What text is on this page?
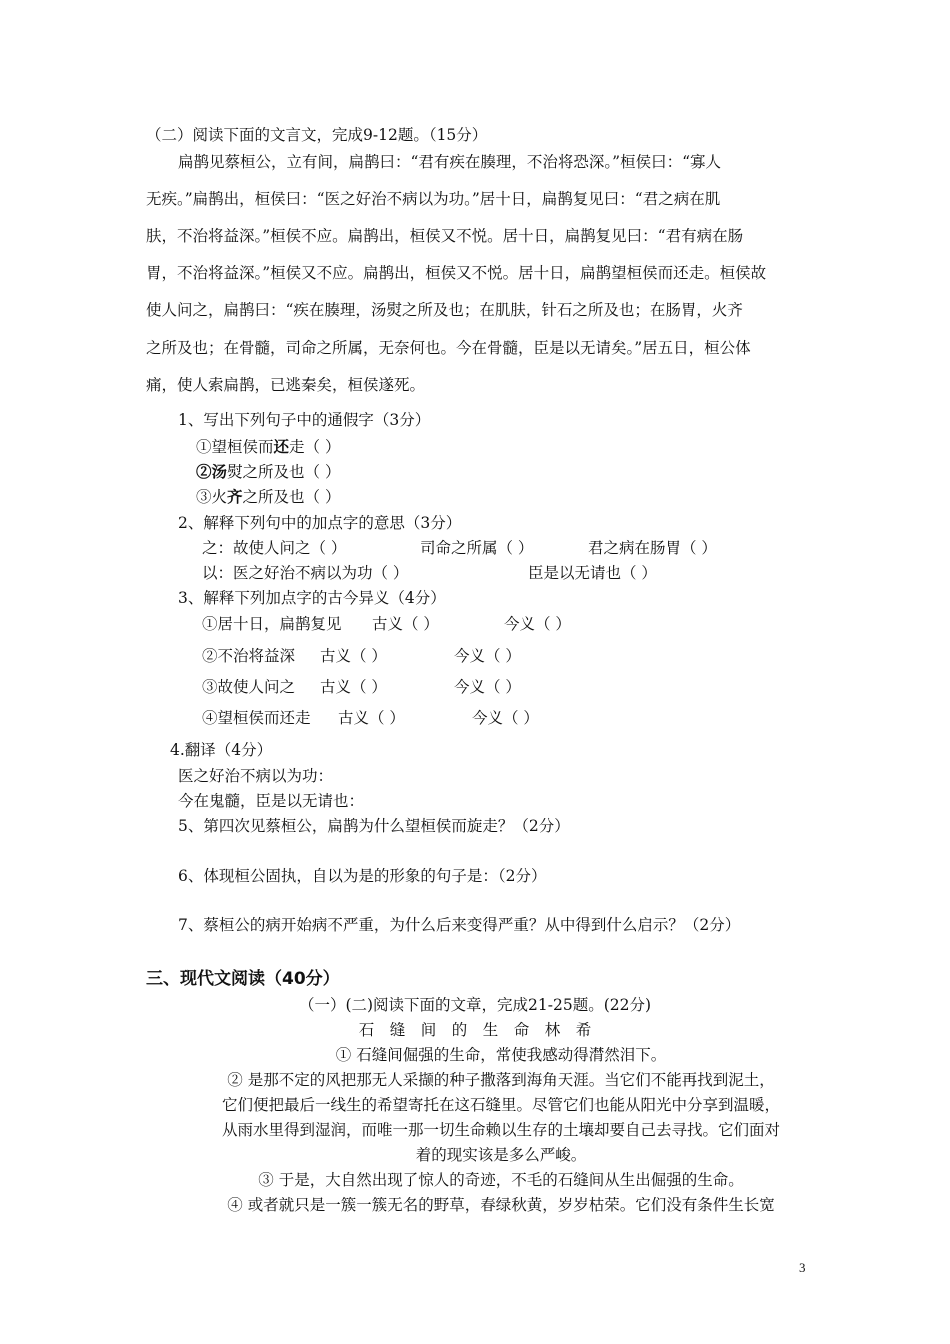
（二）阅读下面的文言文，完成9-12题。（15分）
扁鹊见蔡桓公，立有间，扁鹊曰：“君有疾在腠理，不治将恐深。”桓侯曰：“寡人
无疾。”扁鹊出，桓侯曰：“医之好治不病以为功。”居十日，扁鹊复见曰：“君之病在肌
肤，不治将益深。”桓侯不应。扁鹊出，桓侯又不悦。居十日，扁鹊复见曰：“君有病在肠
胃，不治将益深。”桓侯又不应。扁鹊出，桓侯又不悦。居十日，扁鹊望桓侯而还走。桓侯故
使人问之，扁鹊曰：“疾在腠理，汤熨之所及也；在肌肤，针石之所及也；在肠胃，火齐
之所及也；在骨髓，司命之所属，无奈何也。今在骨髓，臣是以无请矣。”居五日，桓公体
痛，使人索扁鹊，已逃秦矣，桓侯遂死。
1、写出下列句子中的通假字（3分）
①望桓侯而还走（ ）
②汤熨之所及也（ ）
③火齐之所及也（ ）
2、解释下列句中的加点字的意思（3分）
之：故使人问之（ ）	司命之所属（ ）	君之病在肠胃（ ）
以：医之好治不病以为功（ ）	臣是以无请也（ ）
3、解释下列加点字的古今异义（4分）
①居十日，扁鹊复见 古义（ ）	今义（ ）
②不治将益深 古义（ ）	今义（ ）
③故使人问之 古义（ ）	今义（ ）
④望桓侯而还走 古义（ ）	今义（ ）
4.翻译（4分）
医之好治不病以为功：
今在鬼髓，臣是以无请也：
5、第四次见蔡桓公，扁鹊为什么望桓侯而旋走？（2分）
6、体现桓公固执，自以为是的形象的句子是：（2分）
7、蔡桓公的病开始病不严重，为什么后来变得严重？从中得到什么启示？（2分）
三、现代文阅读（40分）
（一）(二)阅读下面的文章，完成21-25题。(22分)
石　缝　间　的　生　命　林　希
① 石缝间倔强的生命，常使我感动得潸然泪下。
② 是那不定的风把那无人采撷的种子撒落到海角天涯。当它们不能再找到泥土，
它们便把最后一线生的希望寄托在这石缝里。尽管它们也能从阳光中分享到温暖，
从雨水里得到湿润，而唯一那一切生命赖以生存的土壤却要自己去寻找。它们面对
着的现实该是多么严峻。
③ 于是，大自然出现了惊人的奇迹，不毛的石缝间从生出倔强的生命。
④ 或者就只是一簇一簇无名的野草，春绿秋黄，岁岁枯荣。它们没有条件生长宽
3
